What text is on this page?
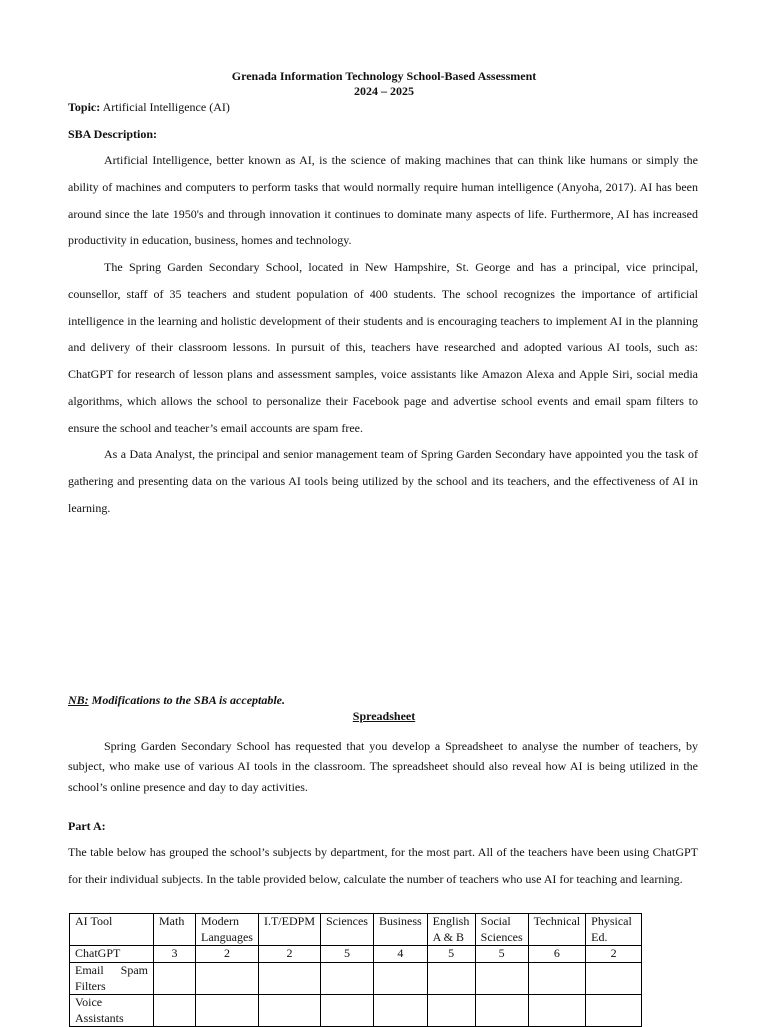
Grenada Information Technology School-Based Assessment
2024 – 2025
Topic: Artificial Intelligence (AI)
SBA Description:
Artificial Intelligence, better known as AI, is the science of making machines that can think like humans or simply the ability of machines and computers to perform tasks that would normally require human intelligence (Anyoha, 2017). AI has been around since the late 1950's and through innovation it continues to dominate many aspects of life. Furthermore, AI has increased productivity in education, business, homes and technology.
The Spring Garden Secondary School, located in New Hampshire, St. George and has a principal, vice principal, counsellor, staff of 35 teachers and student population of 400 students. The school recognizes the importance of artificial intelligence in the learning and holistic development of their students and is encouraging teachers to implement AI in the planning and delivery of their classroom lessons. In pursuit of this, teachers have researched and adopted various AI tools, such as: ChatGPT for research of lesson plans and assessment samples, voice assistants like Amazon Alexa and Apple Siri, social media algorithms, which allows the school to personalize their Facebook page and advertise school events and email spam filters to ensure the school and teacher’s email accounts are spam free.
As a Data Analyst, the principal and senior management team of Spring Garden Secondary have appointed you the task of gathering and presenting data on the various AI tools being utilized by the school and its teachers, and the effectiveness of AI in learning.
NB: Modifications to the SBA is acceptable.
Spreadsheet
Spring Garden Secondary School has requested that you develop a Spreadsheet to analyse the number of teachers, by subject, who make use of various AI tools in the classroom. The spreadsheet should also reveal how AI is being utilized in the school’s online presence and day to day activities.
Part A:
The table below has grouped the school’s subjects by department, for the most part. All of the teachers have been using ChatGPT for their individual subjects. In the table provided below, calculate the number of teachers who use AI for teaching and learning.
AI Tool	Math	Modern Languages	I.T/EDPM	Sciences	Business	English A & B	Social Sciences	Technical	Physical Ed.
ChatGPT	3	2	2	5	4	5	5	6	2
Email Spam Filters									
Voice Assistants									
